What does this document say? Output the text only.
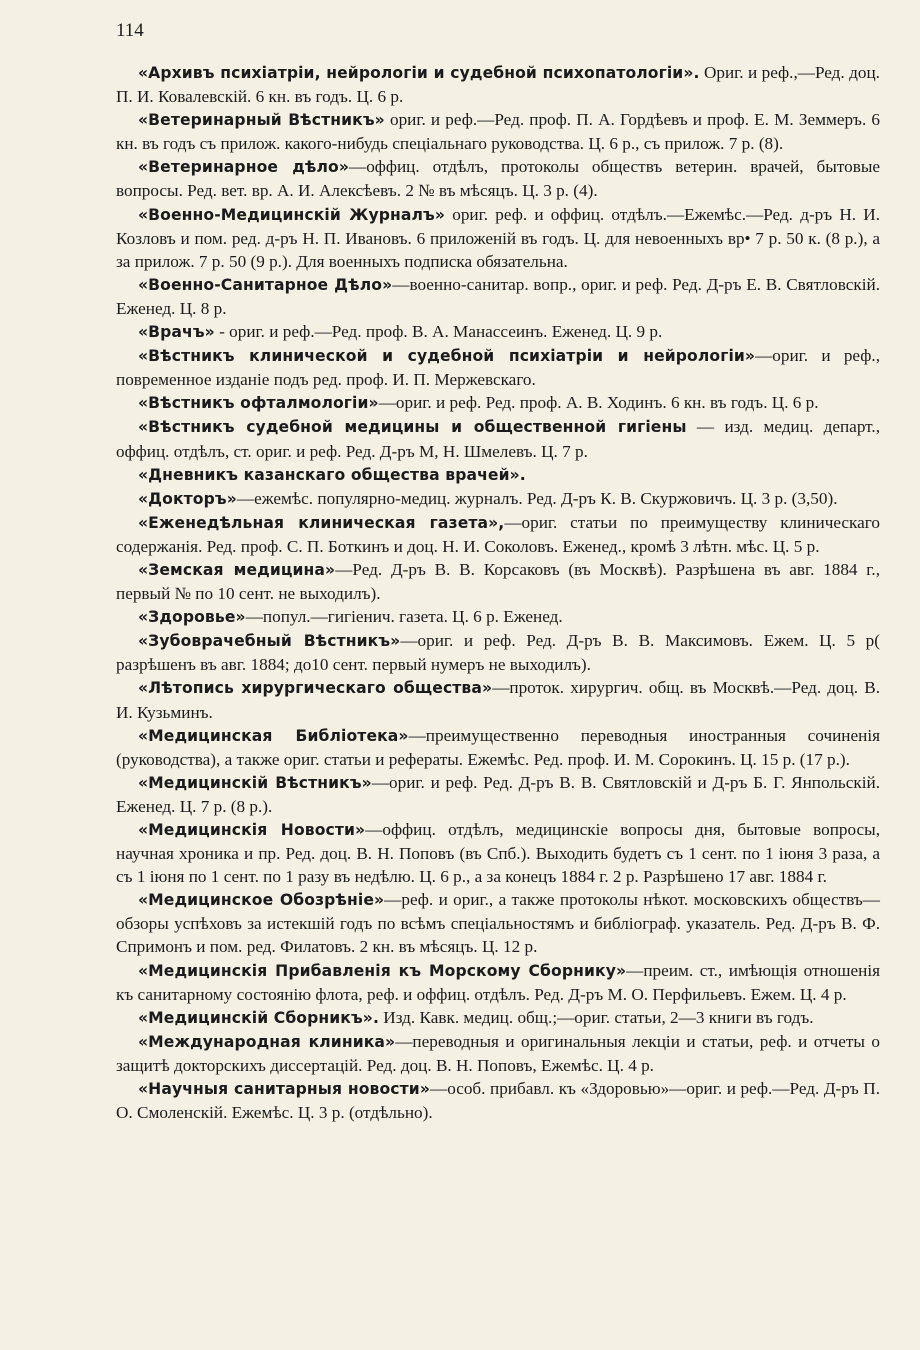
114

«Архивъ психіатріи, нейрологіи и судебной психопатологіи». Ориг. и реф.,—Ред. доц. П. И. Ковалевскій. 6 кн. въ годъ. Ц. 6 р.

«Ветеринарный Вѣстникъ» ориг. и реф.—Ред. проф. П. А. Гордѣевъ и проф. Е. М. Земмеръ. 6 кн. въ годъ съ прилож. какого-нибудь спеціальнаго руководства. Ц. 6 р., съ прилож. 7 р. (8).

«Ветеринарное дѣло»—оффиц. отдѣлъ, протоколы обществъ ветерин. врачей, бытовые вопросы. Ред. вет. вр. А. И. Алексѣевъ. 2 № въ мѣсяцъ. Ц. 3 р. (4).

«Военно-Медицинскій Журналъ» ориг. реф. и оффиц. отдѣлъ.—Ежемѣс.—Ред. д-ръ Н. И. Козловъ и пом. ред. д-ръ Н. П. Ивановъ. 6 приложеній въ годъ. Ц. для невоенныхъ вр• 7 р. 50 к. (8 р.), а за прилож. 7 р. 50 (9 р.). Для военныхъ подписка обязательна.

«Военно-Санитарное Дѣло»—военно-санитар. вопр., ориг. и реф. Ред. Д-ръ Е. В. Святловскій. Еженед. Ц. 8 р.

«Врачъ» - ориг. и реф.—Ред. проф. В. А. Манассеинъ. Еженед. Ц. 9 р.

«Вѣстникъ клинической и судебной психіатріи и нейрологіи»—ориг. и реф., повременное изданіе подъ ред. проф. И. П. Мержевскаго.

«Вѣстникъ офталмологіи»—ориг. и реф. Ред. проф. А. В. Ходинъ. 6 кн. въ годъ. Ц. 6 р.

«Вѣстникъ судебной медицины и общественной гигіены — изд. медиц. департ., оффиц. отдѣлъ, ст. ориг. и реф. Ред. Д-ръ М, Н. Шмелевъ. Ц. 7 р.

«Дневникъ казанскаго общества врачей».

«Докторъ»—ежемѣс. популярно-медиц. журналъ. Ред. Д-ръ К. В. Скуржовичъ. Ц. 3 р. (3,50).

«Еженедѣльная клиническая газета»,—ориг. статьи по преимуществу клиническаго содержанія. Ред. проф. С. П. Боткинъ и доц. Н. И. Соколовъ. Еженед., кромѣ 3 лѣтн. мѣс. Ц. 5 р.

«Земская медицина»—Ред. Д-ръ В. В. Корсаковъ (въ Москвѣ). Разрѣшена въ авг. 1884 г., первый № по 10 сент. не выходилъ).

«Здоровье»—попул.—гигіенич. газета. Ц. 6 р. Еженед.

«Зубоврачебный Вѣстникъ»—ориг. и реф. Ред. Д-ръ В. В. Максимовъ. Ежем. Ц. 5 р( разрѣшенъ въ авг. 1884; до10 сент. первый нумеръ не выходилъ).

«Лѣтопись хирургическаго общества»—проток. хирургич. общ. въ Москвѣ.—Ред. доц. В. И. Кузьминъ.

«Медицинская Библіотека»—преимущественно переводныя иностранныя сочиненія (руководства), а также ориг. статьи и рефераты. Ежемѣс. Ред. проф. И. М. Сорокинъ. Ц. 15 р. (17 р.).

«Медицинскій Вѣстникъ»—ориг. и реф. Ред. Д-ръ В. В. Святловскій и Д-ръ Б. Г. Янпольскій. Еженед. Ц. 7 р. (8 р.).

«Медицинскія Новости»—оффиц. отдѣлъ, медицинскіе вопросы дня, бытовые вопросы, научная хроника и пр. Ред. доц. В. Н. Поповъ (въ Спб.). Выходить будетъ съ 1 сент. по 1 іюня 3 раза, а съ 1 іюня по 1 сент. по 1 разу въ недѣлю. Ц. 6 р., а за конецъ 1884 г. 2 р. Разрѣшено 17 авг. 1884 г.

«Медицинское Обозрѣніе»—реф. и ориг., а также протоколы нѣкот. московскихъ обществъ—обзоры успѣховъ за истекшій годъ по всѣмъ спеціальностямъ и библіограф. указатель. Ред. Д-ръ В. Ф. Спримонъ и пом. ред. Филатовъ. 2 кн. въ мѣсяцъ. Ц. 12 р.

«Медицинскія Прибавленія къ Морскому Сборнику»—преим. ст., имѣющія отношенія къ санитарному состоянію флота, реф. и оффиц. отдѣлъ. Ред. Д-ръ М. О. Перфильевъ. Ежем. Ц. 4 р.

«Медицинскій Сборникъ». Изд. Кавк. медиц. общ.;—ориг. статьи, 2—3 книги въ годъ.

«Международная клиника»—переводныя и оригинальныя лекціи и статьи, реф. и отчеты о защитѣ докторскихъ диссертацій. Ред. доц. В. Н. Поповъ, Ежемѣс. Ц. 4 р.

«Научныя санитарныя новости»—особ. прибавл. къ «Здоровью»—ориг. и реф.—Ред. Д-ръ П. О. Смоленскій. Ежемѣс. Ц. 3 р. (отдѣльно).
